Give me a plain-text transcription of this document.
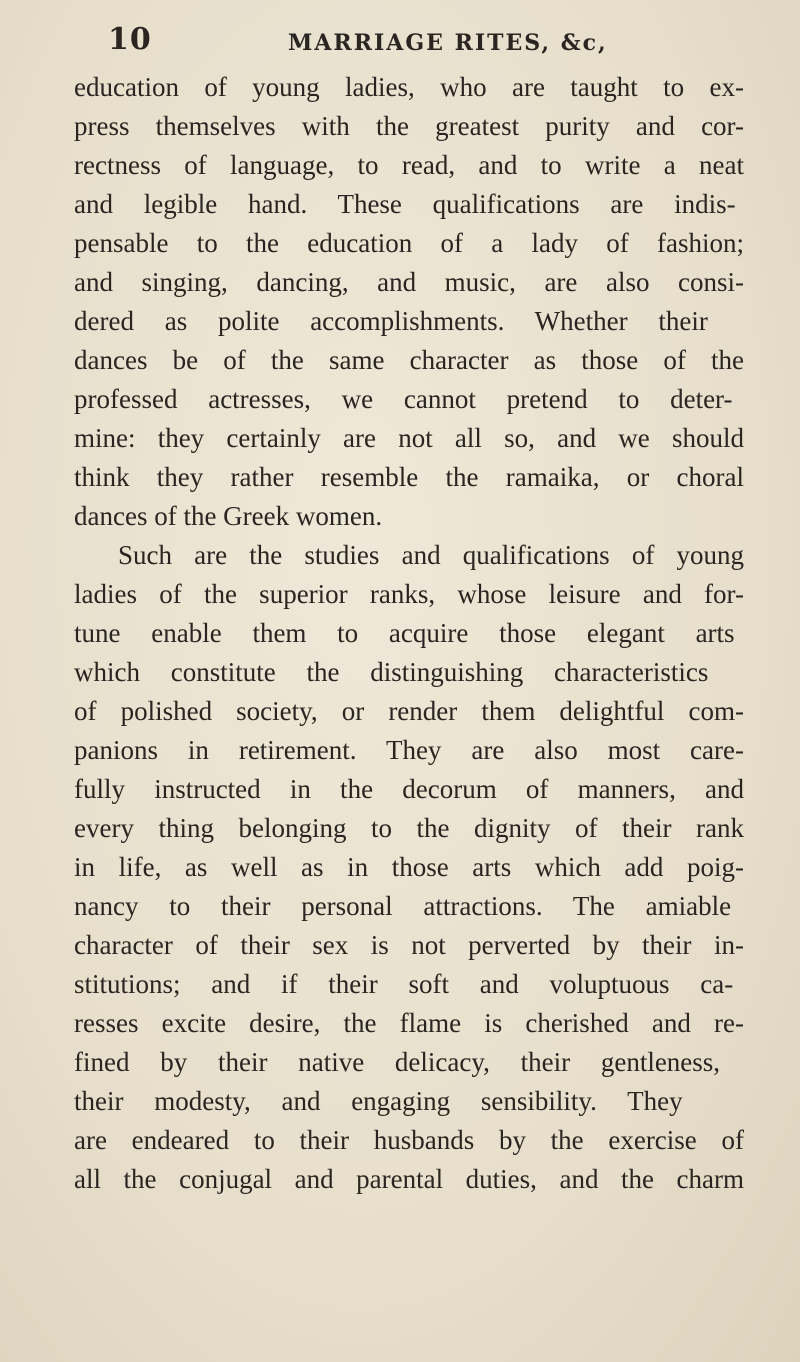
10	MARRIAGE RITES, &c,
education of young ladies, who are taught to ex-
press themselves with the greatest purity and cor-
rectness of language, to read, and to write a neat
and legible hand. These qualifications are indis-
pensable to the education of a lady of fashion;
and singing, dancing, and music, are also consi-
dered as polite accomplishments. Whether their
dances be of the same character as those of the
professed actresses, we cannot pretend to deter-
mine: they certainly are not all so, and we should
think they rather resemble the ramaika, or choral
dances of the Greek women.
Such are the studies and qualifications of young
ladies of the superior ranks, whose leisure and for-
tune enable them to acquire those elegant arts
which constitute the distinguishing characteristics
of polished society, or render them delightful com-
panions in retirement. They are also most care-
fully instructed in the decorum of manners, and
every thing belonging to the dignity of their rank
in life, as well as in those arts which add poig-
nancy to their personal attractions. The amiable
character of their sex is not perverted by their in-
stitutions; and if their soft and voluptuous ca-
resses excite desire, the flame is cherished and re-
fined by their native delicacy, their gentleness,
their modesty, and engaging sensibility. They
are endeared to their husbands by the exercise of
all the conjugal and parental duties, and the charm
